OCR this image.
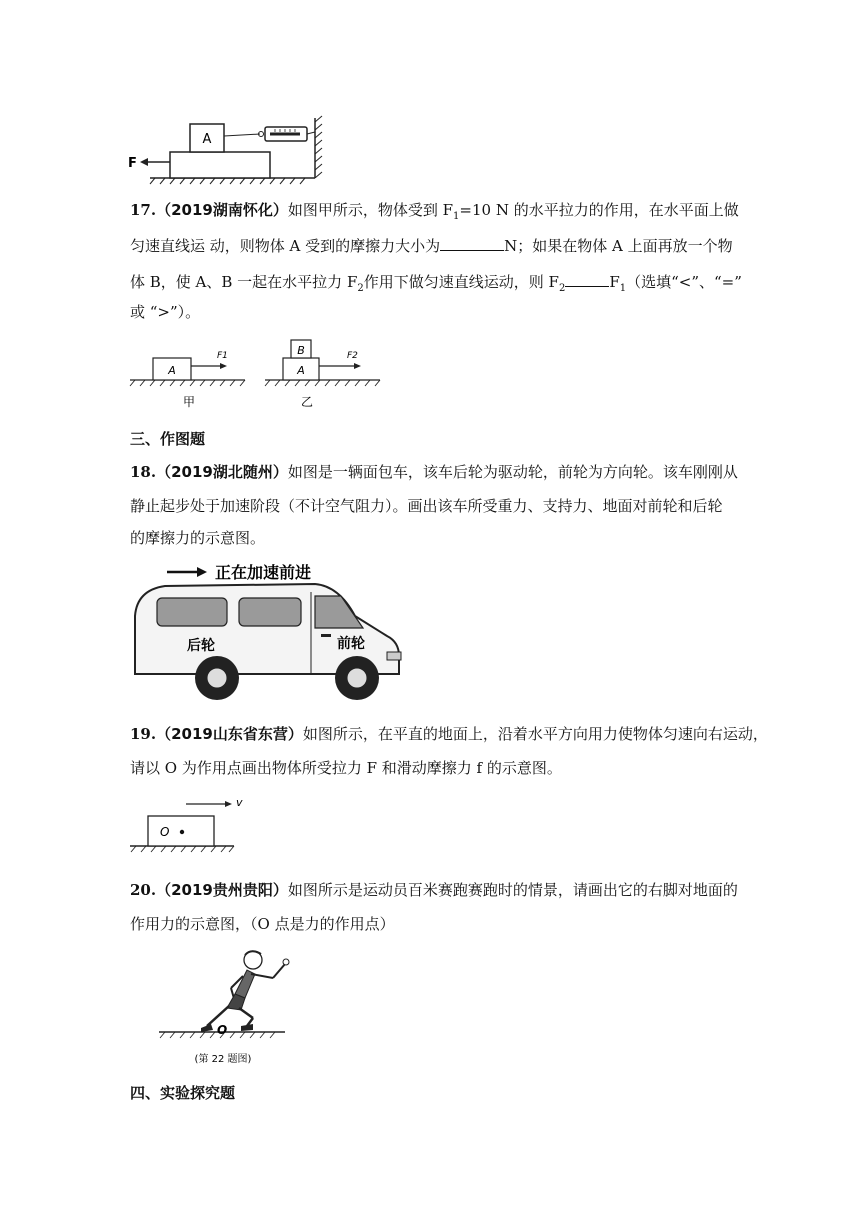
A
F
17.（2019湖南怀化）如图甲所示，物体受到 $F_1=10$ N 的水平拉力的作用，在水平面上做
匀速直线运 动，则物体 A 受到的摩擦力大小为	N；如果在物体 A 上面再放一个物
体 B，使 A、B 一起在水平拉力 $F_2$作用下做匀速直线运动，则 $F_2$	$F_1$（选填“<”、“=”
或 “>”）。
A
F1
甲
A
B	F2
乙
三、作图题
18.（2019湖北随州）如图是一辆面包车，该车后轮为驱动轮，前轮为方向轮。该车刚刚从
静止起步处于加速阶段（不计空气阻力）。画出该车所受重力、支持力、地面对前轮和后轮
的摩擦力的示意图。
正在加速前进
后轮	前轮
19.（2019山东省东营）如图所示，在平直的地面上，沿着水平方向用力使物体匀速向右运动，
请以 O 为作用点画出物体所受拉力 F 和滑动摩擦力 f 的示意图。
O
v
20.（2019贵州贵阳）如图所示是运动员百米赛跑赛跑时的情景，请画出它的右脚对地面的
作用力的示意图，（O 点是力的作用点）
O
(第 22 题图)
四、实验探究题
